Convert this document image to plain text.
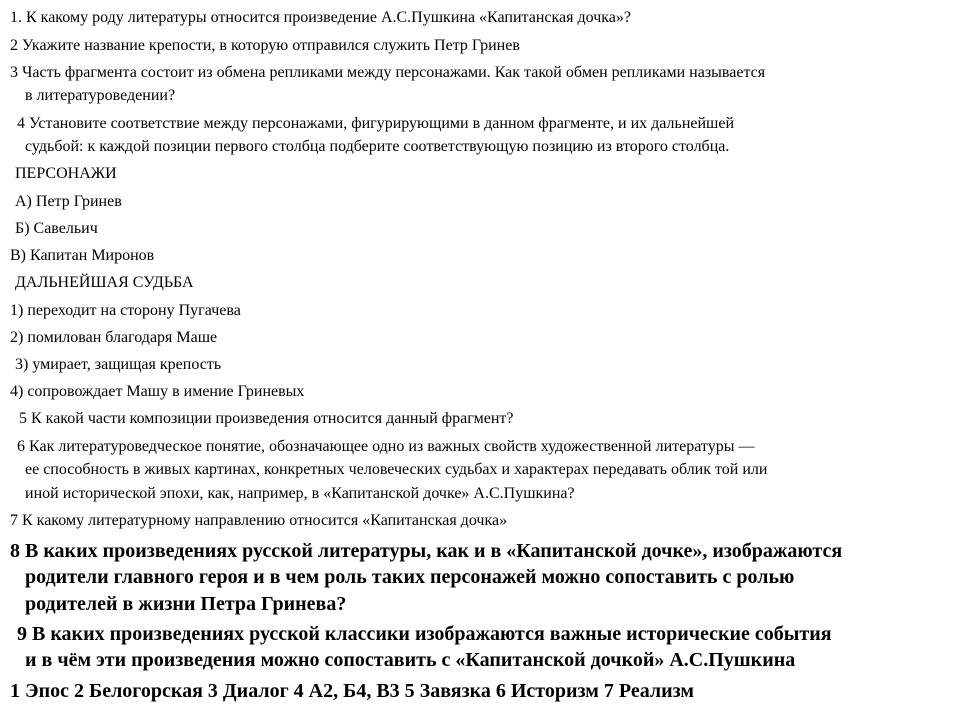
1. К какому роду литературы относится произведение А.С.Пушкина «Капитанская дочка»?
2 Укажите название крепости, в которую отправился служить Петр Гринев
3 Часть фрагмента состоит из обмена репликами между персонажами. Как такой обмен репликами называется
в литературоведении?
4 Установите соответствие между персонажами, фигурирующими в данном фрагменте, и их дальнейшей
судьбой: к каждой позиции первого столбца подберите соответствующую позицию из второго столбца.
ПЕРСОНАЖИ
А) Петр Гринев
Б) Савельич
В) Капитан Миронов
ДАЛЬНЕЙШАЯ СУДЬБА
1) переходит на сторону Пугачева
2) помилован благодаря Маше
3) умирает, защищая крепость
4) сопровождает Машу в имение Гриневых
5 К какой части композиции произведения относится данный фрагмент?
6 Как литературоведческое понятие, обозначающее одно из важных свойств художественной литературы —
ее способность в живых картинах, конкретных человеческих судьбах и характерах передавать облик той или
иной исторической эпохи, как, например, в «Капитанской дочке» А.С.Пушкина?
7 К какому литературному направлению относится «Капитанская дочка»
8 В каких произведениях русской литературы, как и в «Капитанской дочке», изображаются
родители главного героя и в чем роль таких персонажей можно сопоставить с ролью
родителей в жизни Петра Гринева?
9 В каких произведениях русской классики изображаются важные исторические события
и в чём эти произведения можно сопоставить с «Капитанской дочкой» А.С.Пушкина
1 Эпос 2 Белогорская 3 Диалог 4 А2, Б4, В3 5 Завязка 6 Историзм 7 Реализм
